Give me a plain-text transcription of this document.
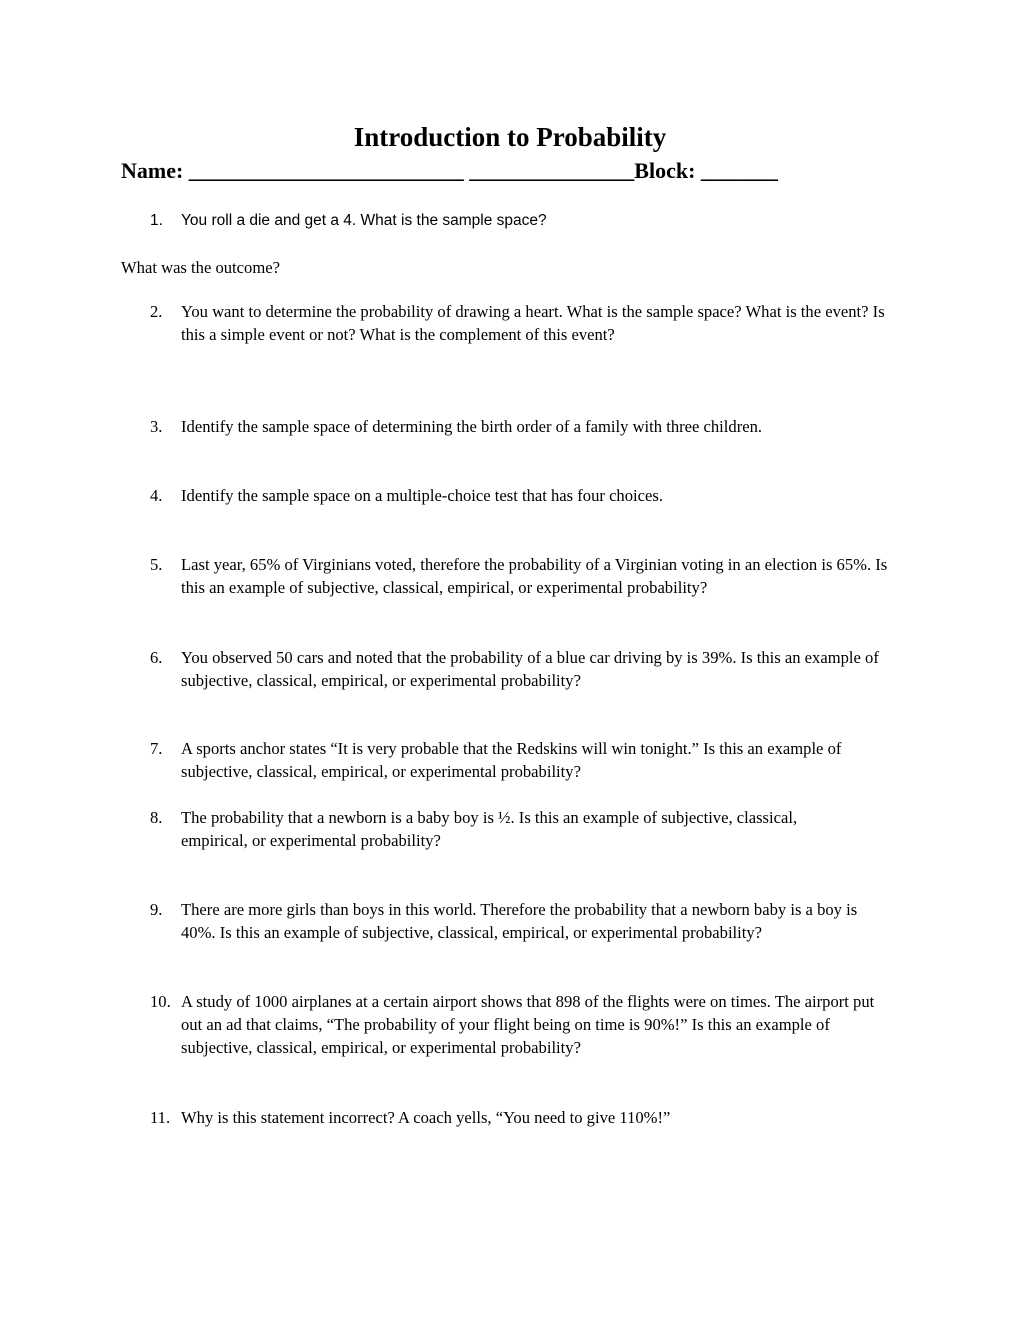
Introduction to Probability
Name: _________________________ _______________Block: _______
1. You roll a die and get a 4. What is the sample space?
What was the outcome?
2. You want to determine the probability of drawing a heart. What is the sample space? What is the event? Is this a simple event or not? What is the complement of this event?
3. Identify the sample space of determining the birth order of a family with three children.
4. Identify the sample space on a multiple-choice test that has four choices.
5. Last year, 65% of Virginians voted, therefore the probability of a Virginian voting in an election is 65%. Is this an example of subjective, classical, empirical, or experimental probability?
6. You observed 50 cars and noted that the probability of a blue car driving by is 39%. Is this an example of subjective, classical, empirical, or experimental probability?
7. A sports anchor states “It is very probable that the Redskins will win tonight.” Is this an example of subjective, classical, empirical, or experimental probability?
8. The probability that a newborn is a baby boy is ½. Is this an example of subjective, classical, empirical, or experimental probability?
9. There are more girls than boys in this world. Therefore the probability that a newborn baby is a boy is 40%. Is this an example of subjective, classical, empirical, or experimental probability?
10. A study of 1000 airplanes at a certain airport shows that 898 of the flights were on times. The airport put out an ad that claims, “The probability of your flight being on time is 90%!” Is this an example of subjective, classical, empirical, or experimental probability?
11. Why is this statement incorrect? A coach yells, “You need to give 110%!”
